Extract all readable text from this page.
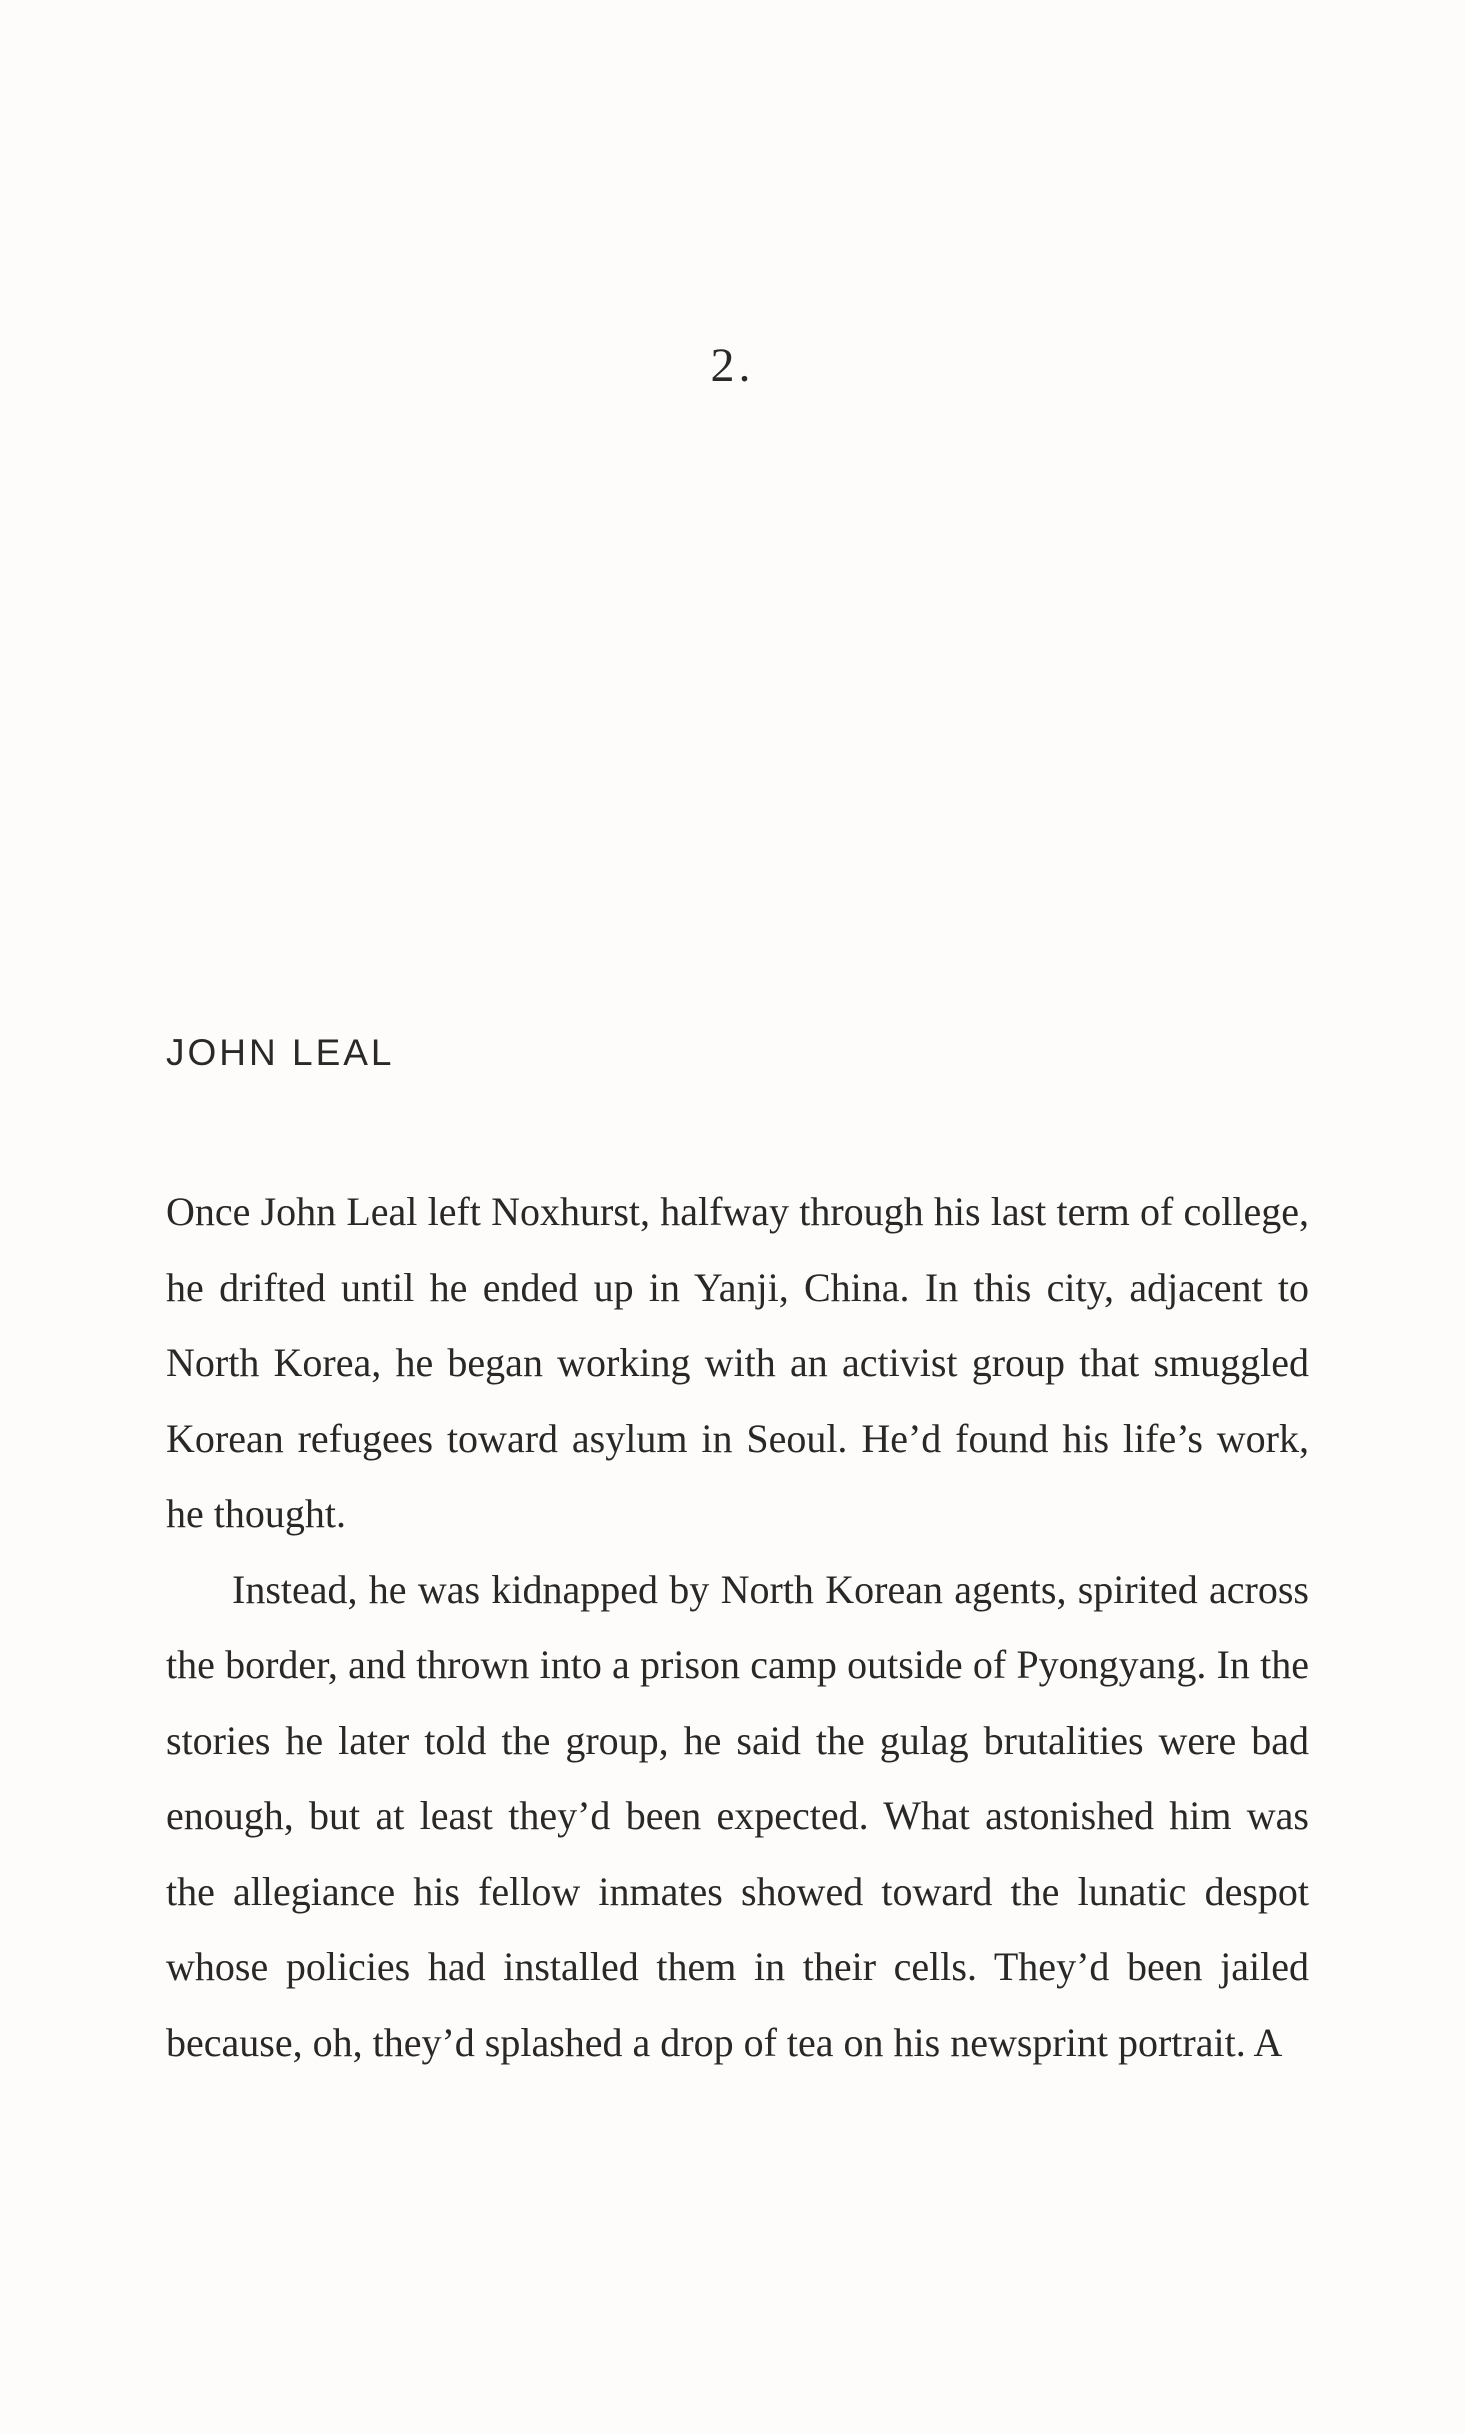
2.
JOHN LEAL

Once John Leal left Noxhurst, halfway through his last term of college, he drifted until he ended up in Yanji, China. In this city, adjacent to North Korea, he began working with an activist group that smuggled Korean refugees toward asylum in Seoul. He’d found his life’s work, he thought.

Instead, he was kidnapped by North Korean agents, spirited across the border, and thrown into a prison camp outside of Pyongyang. In the stories he later told the group, he said the gulag brutalities were bad enough, but at least they’d been expected. What astonished him was the allegiance his fellow inmates showed toward the lunatic despot whose policies had installed them in their cells. They’d been jailed because, oh, they’d splashed a drop of tea on his newsprint portrait. A
